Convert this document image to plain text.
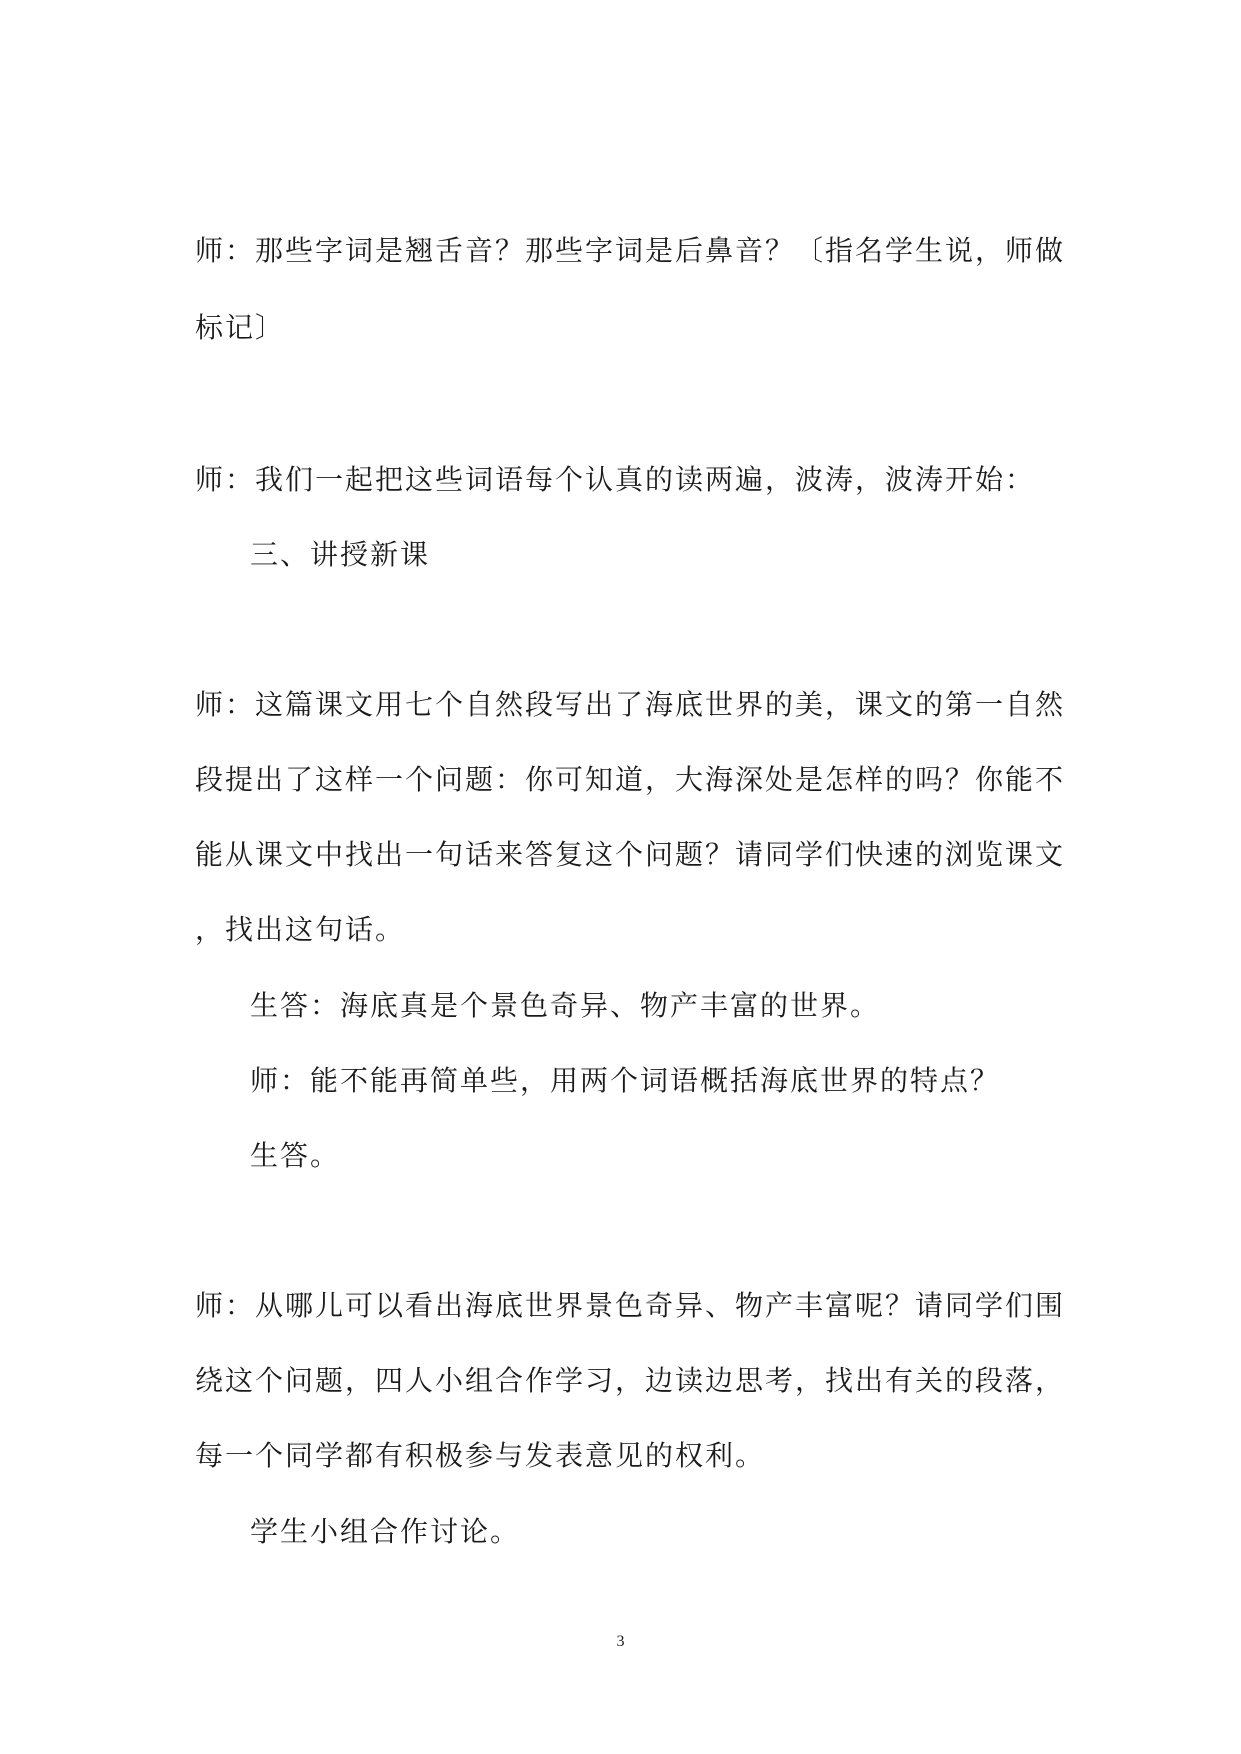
师：那些字词是翘舌音？那些字词是后鼻音？〔指名学生说，师做
标记〕
师：我们一起把这些词语每个认真的读两遍，波涛，波涛开始：
三、讲授新课
师：这篇课文用七个自然段写出了海底世界的美，课文的第一自然
段提出了这样一个问题：你可知道，大海深处是怎样的吗？你能不
能从课文中找出一句话来答复这个问题？请同学们快速的浏览课文
，找出这句话。
生答：海底真是个景色奇异、物产丰富的世界。
师：能不能再简单些，用两个词语概括海底世界的特点？
生答。
师：从哪儿可以看出海底世界景色奇异、物产丰富呢？请同学们围
绕这个问题，四人小组合作学习，边读边思考，找出有关的段落，
每一个同学都有积极参与发表意见的权利。
学生小组合作讨论。
3
